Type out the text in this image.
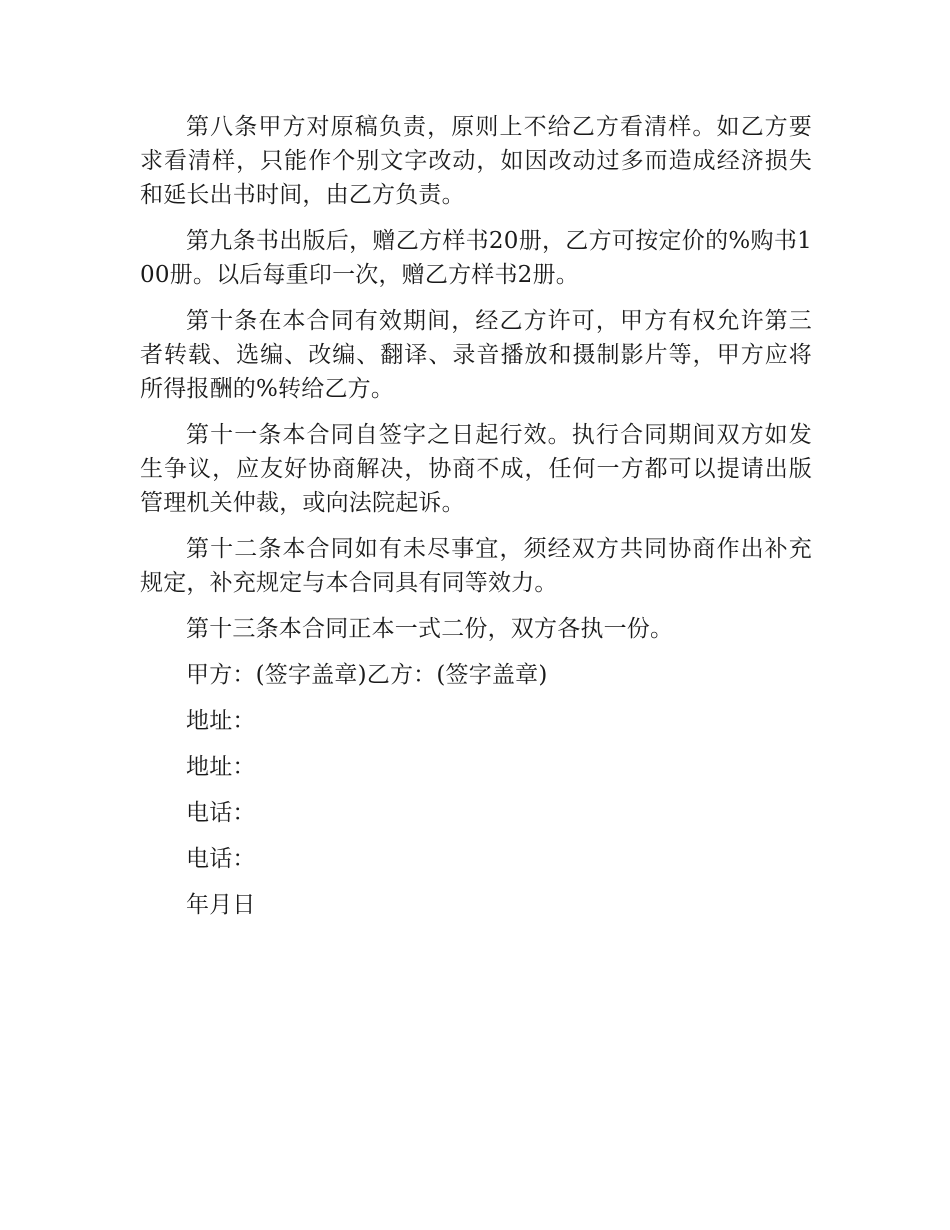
第八条甲方对原稿负责，原则上不给乙方看清样。如乙方要求看清样，只能作个别文字改动，如因改动过多而造成经济损失和延长出书时间，由乙方负责。

第九条书出版后，赠乙方样书20册，乙方可按定价的%购书100册。以后每重印一次，赠乙方样书2册。

第十条在本合同有效期间，经乙方许可，甲方有权允许第三者转载、选编、改编、翻译、录音播放和摄制影片等，甲方应将所得报酬的%转给乙方。

第十一条本合同自签字之日起行效。执行合同期间双方如发生争议，应友好协商解决，协商不成，任何一方都可以提请出版管理机关仲裁，或向法院起诉。

第十二条本合同如有未尽事宜，须经双方共同协商作出补充规定，补充规定与本合同具有同等效力。

第十三条本合同正本一式二份，双方各执一份。

甲方：(签字盖章)乙方：(签字盖章)

地址：

地址：

电话：

电话：

年月日
